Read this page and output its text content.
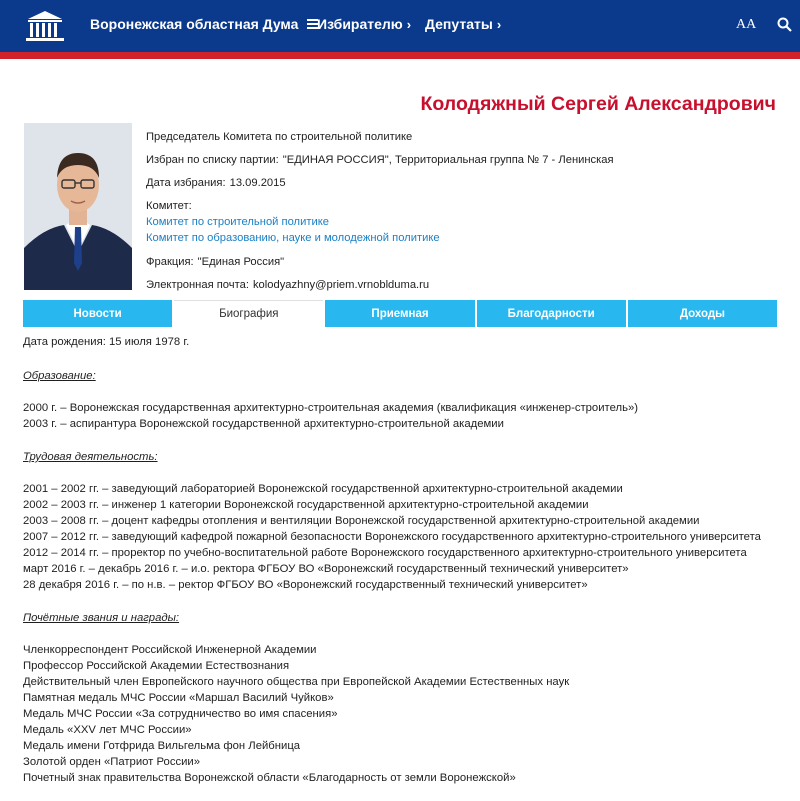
Воронежская областная Дума	Избирателю › Депутаты ›	AA
Колодяжный Сергей Александрович
Председатель Комитета по строительной политике
Избран по списку партии: "ЕДИНАЯ РОССИЯ", Территориальная группа № 7 - Ленинская
Дата избрания: 13.09.2015
Комитет:
Комитет по строительной политике
Комитет по образованию, науке и молодежной политике
Фракция: "Единая Россия"
Электронная почта: kolodyazhny@priem.vrnoblduma.ru
Новости	Биография	Приемная	Благодарности	Доходы
Дата рождения: 15 июля 1978 г.
Образование:
2000 г. – Воронежская государственная архитектурно-строительная академия (квалификация «инженер-строитель»)
2003 г. – аспирантура Воронежской государственной архитектурно-строительной академии
Трудовая деятельность:
2001 – 2002 гг. – заведующий лабораторией Воронежской государственной архитектурно-строительной академии
2002 – 2003 гг. – инженер 1 категории Воронежской государственной архитектурно-строительной академии
2003 – 2008 гг. – доцент кафедры отопления и вентиляции Воронежской государственной архитектурно-строительной академии
2007 – 2012 гг. – заведующий кафедрой пожарной безопасности Воронежского государственного архитектурно-строительного университета
2012 – 2014 гг. – проректор по учебно-воспитательной работе Воронежского государственного архитектурно-строительного университета
март 2016 г. – декабрь 2016 г. – и.о. ректора ФГБОУ ВО «Воронежский государственный технический университет»
28 декабря 2016 г. – по н.в. – ректор ФГБОУ ВО «Воронежский государственный технический университет»
Почётные звания и награды:
Членкорреспондент Российской Инженерной Академии
Профессор Российской Академии Естествознания
Действительный член Европейского научного общества при Европейской Академии Естественных наук
Памятная медаль МЧС России «Маршал Василий Чуйков»
Медаль МЧС России «За сотрудничество во имя спасения»
Медаль «XXV лет МЧС России»
Медаль имени Готфрида Вильгельма фон Лейбница
Золотой орден «Патриот России»
Почетный знак правительства Воронежской области «Благодарность от земли Воронежской»
